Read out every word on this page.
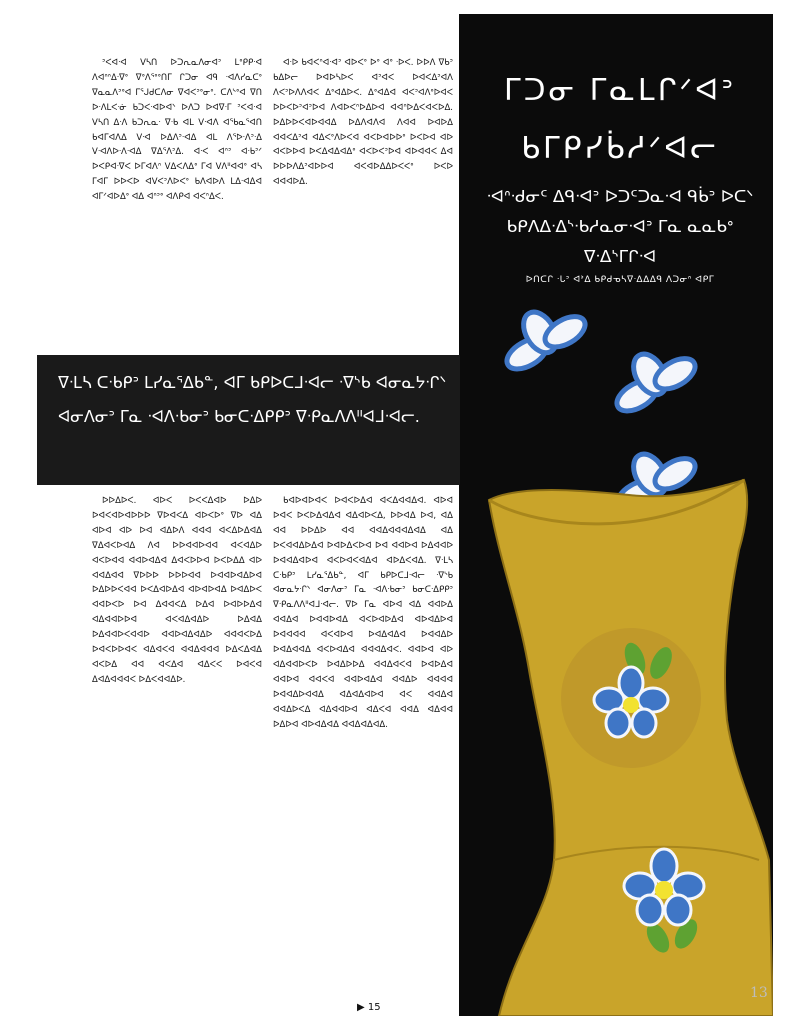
ᒥᑐᓂ ᒥᓇᒪᒋᐟᐊᐣ
ᑲᒥᑭᓯᑳᓱᐟᐊᓕ
ᐧᐊᐢᐧᑯᓂᑦ ᐃᑫᐧᐊᐣ ᐅᑐᑦᑐᓇᐧᐊ ᑫᑳᐣ ᐅᑕᐠ ᑲᑭᐱᐃᐧᐃᔅᐧᑲᓱᓇᓂᐧᐊᐣ ᒥᓇ ᓇᓇᑲᐤ ᐁᐧᐃᔅᒥᒋᐧᐊ
ᐅᑎᑕᒋ ᐧᒐᐣ ᐊᕑᐃ ᑲᑭᑯᓀᓴᐁᐧᐃᐃᐃᑫ ᐱᑐᓂᐢ ᐊᑭᒥ

ᐣᐸᐊᐧᐊ ᐯᓴᑎ ᐅᑐᕆᓇᐱᓂᐊᐣ ᒪᐤᑭᑭᐧᐊ ᐱᐊᐢᐢᐃᐧᐁᐤ ᐁᐤᐱᕐᐤᐤᑎᒥ ᒋᑐᓂ ᐊᑫ ᐧᐊᐱᓯᓇᑕᐤ ᐁᓇᓇᐱᐣᐤᐊ ᒥᕐᒍᑯᑕᐱᓂ ᐁᐊᐸᐣᐤᓂᐤ. ᑕᐱᔅᐤᐊ ᐁᑎ ᐅᐧᐱᒪᐸᐧᓃ ᑲᑐᐸᐧᐊᐅᐊᐠ ᐅᐱᑐ ᐅᐊᐁᐧᒥ ᐣᐸᐊᐧᐊ ᐯᓴᑎ ᐃᐧᐱ ᑲᑐᕆᓇᐧ ᐁᐧᑲ ᐊᒪ ᐯᐧᐊᐱ ᐊᕐᑲᓇᕐᐊᑎ ᑲᐊᒥᐊᐱᐃ ᐯᐧᐊ ᐅᐃᐱᐣᐧᐊᐃ ᐊᒪ ᐱᕐᐅᐧᐱᐣᐧᐃ ᐯᐧᐊᐱᐅᐧᐱᐧᐊᐃ ᐁᐃᕐᐱᐣᐃ. ᐊᐧᐸ ᐊᐢᐣ ᐊᐧᑲᐣᐟ ᐅᐸᑭᐊᐧᐁᐸ ᐅᒥᐊᐱᐢ ᐯᐃᐸᐱᐃᐤ ᒥᐊ ᐯᐱᐦᐊᐊᐤ ᐊᓴ ᒥᐊᒥ ᐅᐅᐸᐅ ᐊᐯᐸᐣᐱᐅᐸᐤ ᑲᐱᐊᐅᐱ ᒪᐃᐧᐊᐃᐊ ᐊᒥᐟᐊᐅᐃᐤ ᐊᐃ ᐊᐢᐣᐤ ᐊᐱᑭᐊ ᐊᐸᐢᐃᐸ.

ᐊᐧᐅ ᑲᐊᐸᐢᐊᐧᐊᐣ ᐊᐅᐸᐤ ᐅᐤ ᐊᐤ ᐧᐅᐸ. ᐅᐅᐱ ᐁᑲᐣ ᑲᐃᐅᓕ ᐅᐊᐅᓴᐅᐸ ᐊᐣᐊᐸ ᐅᐊᐸᐃᐣᐊᐱ ᐱᐸᐣᐅᐱᐱᐊᐸ ᐃᐤᐊᐃᐅᐸ. ᐃᐤᐊᐃᐊ ᐊᐸᐣᐊᐱᐤᐅᐊᐸ ᐅᐅᐸᐅᐣᐊᐣᐅᐊ ᐱᐊᐅᐸᐢᐅᐃᐅᐊ ᐊᐊᐢᐅᐃᐸᐊᐸᐅᐃ. ᐅᐃᐅᐅᐸᐊᐅᐊᐊᐃ ᐅᐃᐱᐊᐱᐊ ᐱᐊᐊ ᐅᐊᐅᐃ ᐊᐊᐸᐃᐣᐊ ᐊᐃᐸᐤᐱᐅᐸᐊ ᐊᐸᐅᐊᐅᐅᐤ ᐅᐸᐅᐊ ᐊᐅ ᐊᐸᐅᐅᐊ ᐅᐸᐃᐊᐃᐊᐃᐤ ᐊᐸᐅᐸᐣᐅᐊ ᐊᐅᐊᐊᐸ ᐃᐊ ᐅᐅᐅᐱᐃᐣᐊᐅᐅᐊ ᐊᐸᐊᐅᐃᐃᐅᐸᐸᐤ ᐅᐸᐅ ᐊᐊᐊᐅᐃ.

ᐁᐧᒪᓴ ᑕᐧᑲᑭᐣ ᒪᓯᓇᕐᐃᑲᓐ, ᐊᒥ ᑲᑭᐅᑕᒧᐧᐊᓕ ᐧᐁᔅᑲ ᐊᓂᓇᔭᐧᒋᐠ ᐊᓂᐱᓂᐣ ᒥᓇ ᐧᐊᐱᐧᑲᓂᐣ ᑲᓂᑕᐧᐃᑭᑭᐣ ᐁᐧᑭᓇᐱᐱᐦᐊᒧᐧᐊᓕ.

ᐅᐅᐃᐅᐸ. ᐊᐅᐸ ᐅᐸᐸᐃᐊᐅ ᐅᐃᐅ ᐅᐊᐸᐊᐅᐊᐅᐅᐅ ᐁᐅᐊᐸᐃ ᐊᐅᐸᐅᐤ ᐁᐅ ᐊᐃ ᐊᐅᐊ ᐊᐅ ᐅᐊ ᐊᐃᐅᐱ ᐊᐊᐊ ᐊᐸᐃᐅᐃᐊᐃ ᐁᐃᐊᐸᐅᐊᐃ ᐱᐊ ᐅᐅᐊᐊᐅᐊᐊ ᐊᐸᐊᐃᐅ ᐊᐸᐅᐊᐊ ᐊᐊᐅᐊᐃᐊ ᐃᐊᐸᐅᐅᐊ ᐅᐸᐅᐃᐃ ᐊᐅ ᐊᐊᐃᐊᐊ ᐁᐅᐅᐅ ᐅᐅᐅᐊᐊ ᐅᐊᐊᐅᐊᐃᐅᐊ ᐅᐃᐅᐅᐸᐊᐊ ᐅᐸᐃᐊᐅᐃᐊ ᐊᐅᐊᐅᐊᐃ ᐅᐊᐃᐅᐸ ᐊᐊᐅᐸᐅ ᐅᐊ ᐃᐊᐊᐸᐃ ᐅᐃᐊ ᐅᐊᐅᐅᐃᐊ ᐊᐃᐊᐊᐅᐅᐊ ᐊᐸᐊᐃᐊᐃᐅ ᐅᐃᐊᐃ ᐅᐃᐊᐊᐅᐸᐊᐊᐅ ᐊᐊᐅᐊᐃᐊᐃᐅ ᐊᐊᐊᐸᐅᐃ ᐅᐊᐸᐅᐅᐊᐸ ᐊᐃᐊᐸᐊ ᐊᐊᐃᐊᐊᐊ ᐅᐃᐸᐃᐊᐃ ᐊᐸᐅᐃ ᐊᐊ ᐊᐸᐃᐊ ᐊᐃᐸᐸ ᐅᐊᐸᐊ ᐃᐊᐃᐊᐊᐊᐸ ᐅᐃᐸᐊᐊᐃᐅ.

ᑲᐊᐅᐊᐅᐊᐸ ᐅᐊᐸᐅᐃᐊ ᐊᐸᐃᐊᐊᐃᐊ. ᐊᐅᐊ ᐅᐊᐸ ᐅᐸᐅᐃᐊᐃᐊ ᐊᐃᐊᐅᐸᐃ, ᐅᐅᐊᐃ ᐅᐊ, ᐊᐃ ᐊᐊ ᐅᐅᐃᐅ ᐊᐊ ᐊᐊᐃᐊᐊᐊᐃᐊᐃ ᐊᐃ ᐅᐸᐊᐊᐃᐅᐃᐊ ᐅᐊᐅᐃᐸᐅᐊ ᐅᐊ ᐊᐊᐅᐊ ᐅᐃᐊᐊᐅ ᐅᐊᐊᐃᐊᐅᐊ ᐊᐸᐅᐊᐸᐊᐃᐊ ᐊᐅᐃᐸᐊᐃ. ᐁᐧᒪᓴ ᑕᐧᑲᑭᐣ ᒪᓯᓇᕐᐃᑲᓐ, ᐊᒥ ᑲᑭᐅᑕᒧᐧᐊᓕ ᐧᐁᔅᑲ ᐊᓂᓇᔭᐧᒋᐠ ᐊᓂᐱᓂᐣ ᒥᓇ ᐧᐊᐱᐧᑲᓂᐣ ᑲᓂᑕᐧᐃᑭᑭᐣ ᐁᐧᑭᓇᐱᐱᐦᐊᒧᐧᐊᓕ. ᐁᐅ ᒥᓇ ᐊᐅᐊ ᐊᐃ ᐊᐊᐅᐃ ᐊᐊᐃᐊ ᐅᐊᐊᐅᐊᐃ ᐊᐸᐅᐊᐅᐃᐊ ᐊᐅᐊᐃᐅᐊ ᐅᐊᐊᐊᐊ ᐊᐸᐊᐅᐊ ᐅᐊᐃᐊᐃᐊ ᐅᐊᐊᐃᐅ ᐅᐊᐃᐊᐊᐃ ᐊᐸᐅᐊᐃᐊ ᐊᐊᐊᐃᐊᐸ. ᐊᐊᐅᐊ ᐊᐅ ᐊᐃᐊᐊᐅᐸᐅ ᐅᐊᐃᐅᐅᐃ ᐊᐊᐃᐊᐸᐊ ᐅᐊᐅᐃᐊ ᐊᐊᐅᐊ ᐊᐊᐸᐊ ᐊᐊᐅᐊᐃᐊ ᐊᐊᐃᐅ ᐊᐊᐊᐊ ᐅᐊᐊᐃᐅᐊᐊᐃ ᐊᐃᐊᐃᐊᐅᐊ ᐊᐸ ᐊᐊᐃᐊ ᐊᐊᐃᐅᐸᐃ ᐊᐃᐊᐊᐅᐊ ᐊᐃᐸᐊ ᐊᐊᐃ ᐊᐃᐊᐊ ᐅᐃᐅᐊ ᐊᐅᐊᐃᐊᐃ ᐊᐊᐃᐊᐃᐊᐃ.

▶ 15
13
